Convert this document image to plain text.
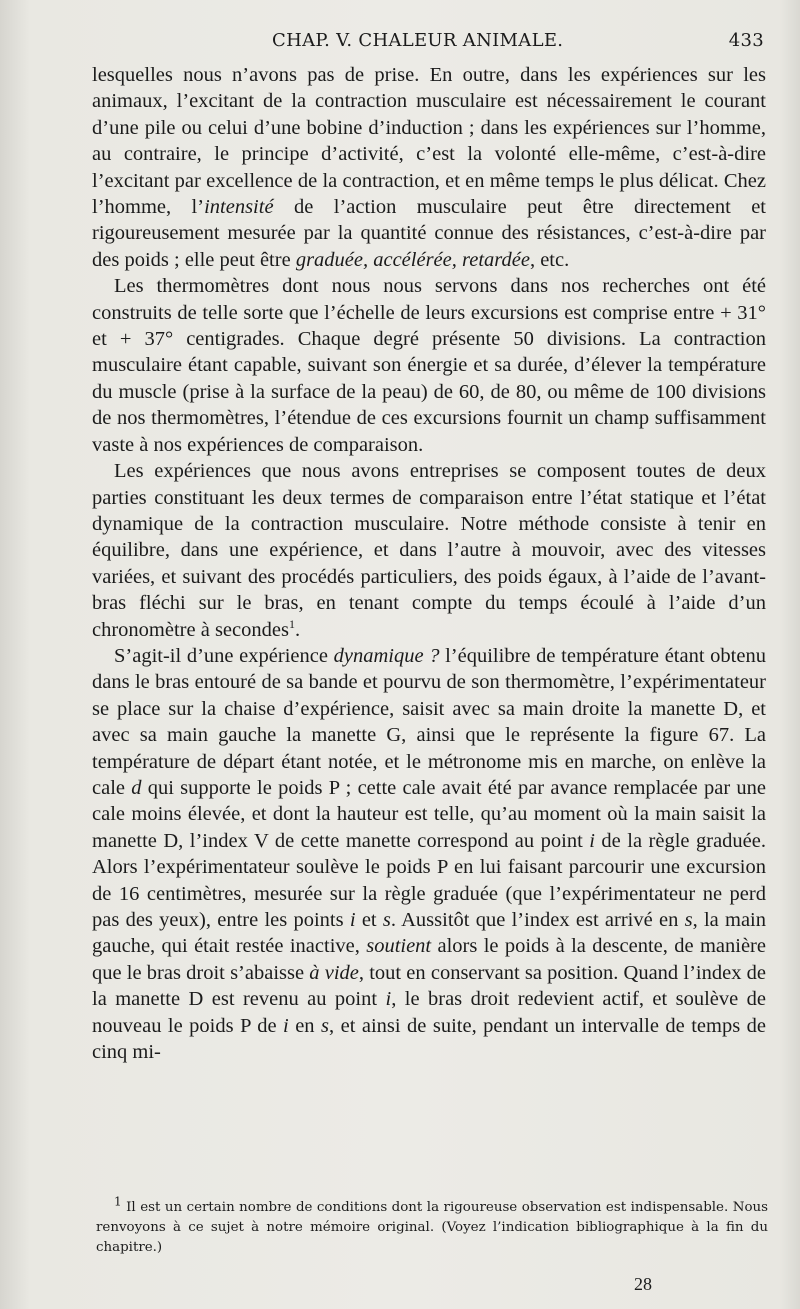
CHAP. V. CHALEUR ANIMALE.	433

lesquelles nous n’avons pas de prise. En outre, dans les expériences sur les animaux, l’excitant de la contraction musculaire est nécessairement le courant d’une pile ou celui d’une bobine d’induction ; dans les expériences sur l’homme, au contraire, le principe d’activité, c’est la volonté elle-même, c’est-à-dire l’excitant par excellence de la contraction, et en même temps le plus délicat. Chez l’homme, l’intensité de l’action musculaire peut être directement et rigoureusement mesurée par la quantité connue des résistances, c’est-à-dire par des poids ; elle peut être graduée, accélérée, retardée, etc.

Les thermomètres dont nous nous servons dans nos recherches ont été construits de telle sorte que l’échelle de leurs excursions est comprise entre + 31° et + 37° centigrades. Chaque degré présente 50 divisions. La contraction musculaire étant capable, suivant son énergie et sa durée, d’élever la température du muscle (prise à la surface de la peau) de 60, de 80, ou même de 100 divisions de nos thermomètres, l’étendue de ces excursions fournit un champ suffisamment vaste à nos expériences de comparaison.

Les expériences que nous avons entreprises se composent toutes de deux parties constituant les deux termes de comparaison entre l’état statique et l’état dynamique de la contraction musculaire. Notre méthode consiste à tenir en équilibre, dans une expérience, et dans l’autre à mouvoir, avec des vitesses variées, et suivant des procédés particuliers, des poids égaux, à l’aide de l’avant-bras fléchi sur le bras, en tenant compte du temps écoulé à l’aide d’un chronomètre à secondes$^1$.

S’agit-il d’une expérience dynamique ? l’équilibre de température étant obtenu dans le bras entouré de sa bande et pourvu de son thermomètre, l’expérimentateur se place sur la chaise d’expérience, saisit avec sa main droite la manette D, et avec sa main gauche la manette G, ainsi que le représente la figure 67. La température de départ étant notée, et le métronome mis en marche, on enlève la cale d qui supporte le poids P ; cette cale avait été par avance remplacée par une cale moins élevée, et dont la hauteur est telle, qu’au moment où la main saisit la manette D, l’index V de cette manette correspond au point i de la règle graduée. Alors l’expérimentateur soulève le poids P en lui faisant parcourir une excursion de 16 centimètres, mesurée sur la règle graduée (que l’expérimentateur ne perd pas des yeux), entre les points i et s. Aussitôt que l’index est arrivé en s, la main gauche, qui était restée inactive, soutient alors le poids à la descente, de manière que le bras droit s’abaisse à vide, tout en conservant sa position. Quand l’index de la manette D est revenu au point i, le bras droit redevient actif, et soulève de nouveau le poids P de i en s, et ainsi de suite, pendant un intervalle de temps de cinq mi-

1 Il est un certain nombre de conditions dont la rigoureuse observation est indispensable. Nous renvoyons à ce sujet à notre mémoire original. (Voyez l’indication bibliographique à la fin du chapitre.)

28
